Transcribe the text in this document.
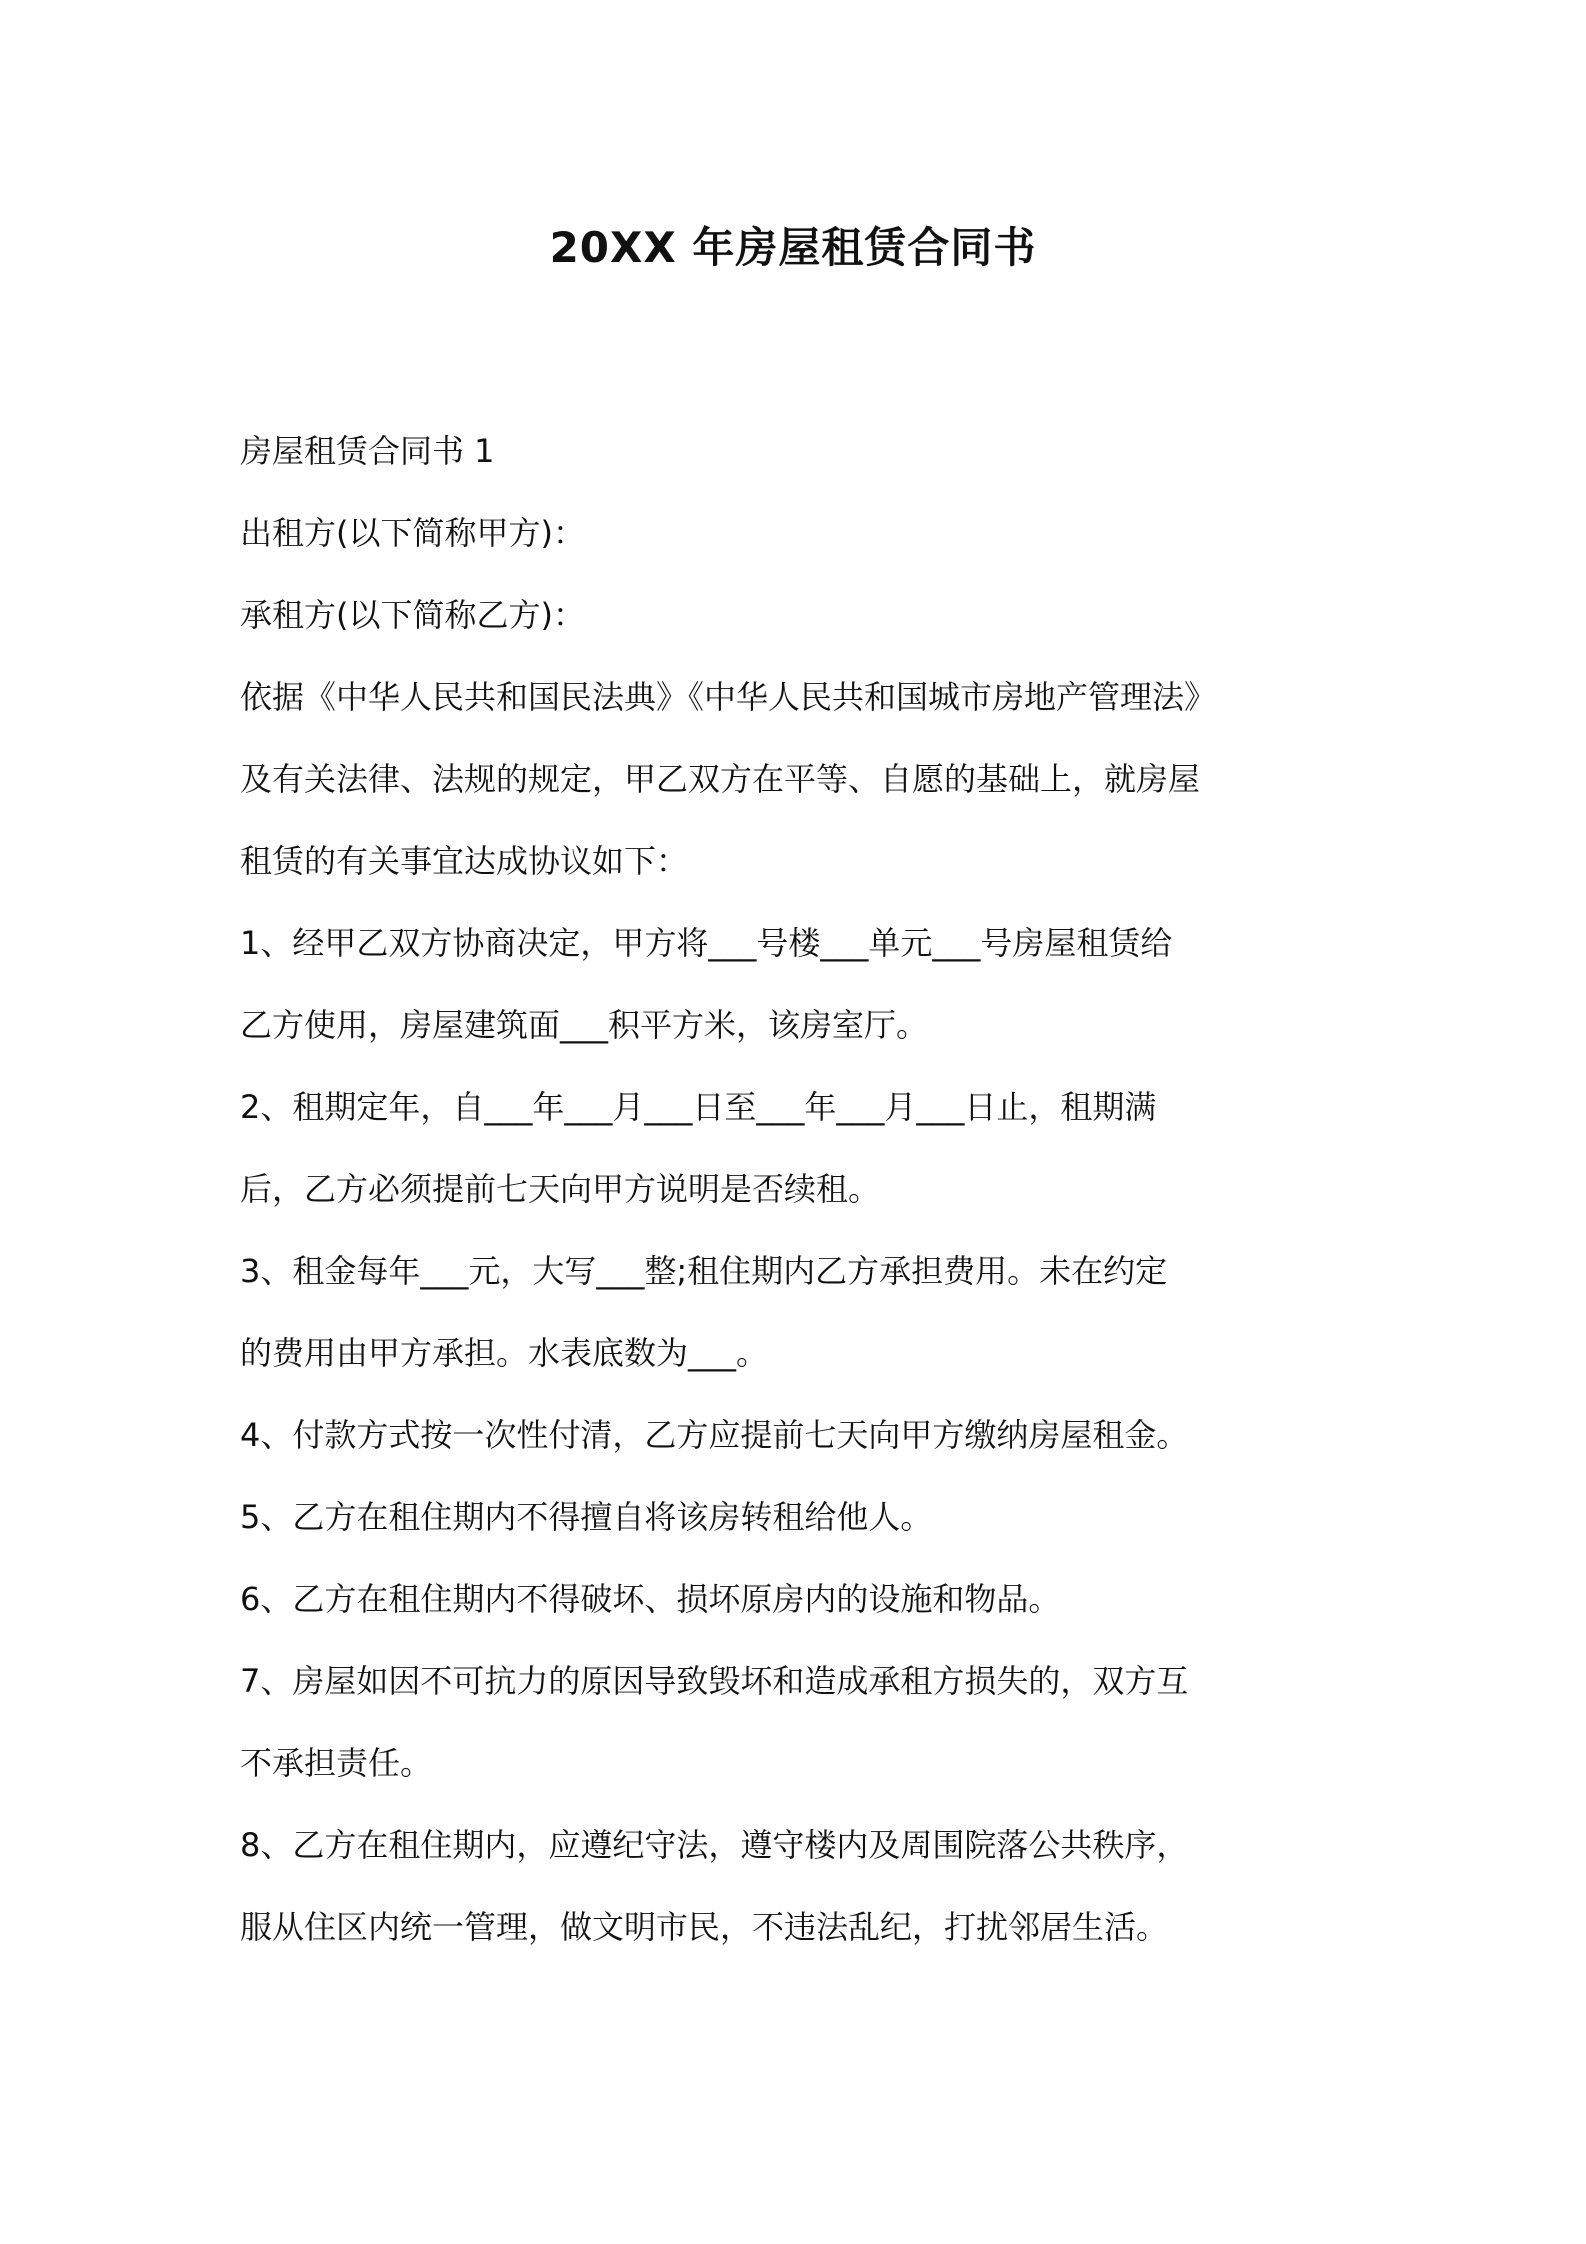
20XX 年房屋租赁合同书
房屋租赁合同书 1
出租方(以下简称甲方)：
承租方(以下简称乙方)：
依据《中华人民共和国民法典》《中华人民共和国城市房地产管理法》
及有关法律、法规的规定，甲乙双方在平等、自愿的基础上，就房屋
租赁的有关事宜达成协议如下：
1、经甲乙双方协商决定，甲方将___号楼___单元___号房屋租赁给
乙方使用，房屋建筑面___积平方米，该房室厅。
2、租期定年，自___年___月___日至___年___月___日止，租期满
后，乙方必须提前七天向甲方说明是否续租。
3、租金每年___元，大写___整;租住期内乙方承担费用。未在约定
的费用由甲方承担。水表底数为___。
4、付款方式按一次性付清，乙方应提前七天向甲方缴纳房屋租金。
5、乙方在租住期内不得擅自将该房转租给他人。
6、乙方在租住期内不得破坏、损坏原房内的设施和物品。
7、房屋如因不可抗力的原因导致毁坏和造成承租方损失的，双方互
不承担责任。
8、乙方在租住期内，应遵纪守法，遵守楼内及周围院落公共秩序，
服从住区内统一管理，做文明市民，不违法乱纪，打扰邻居生活。
